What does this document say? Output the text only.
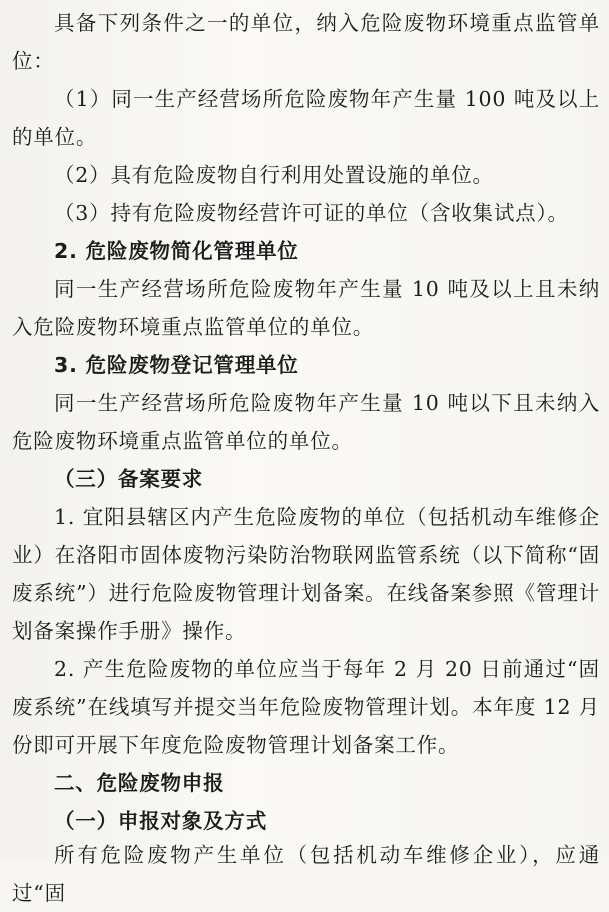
具备下列条件之一的单位，纳入危险废物环境重点监管单位：
（1）同一生产经营场所危险废物年产生量 100 吨及以上的单位。
（2）具有危险废物自行利用处置设施的单位。
（3）持有危险废物经营许可证的单位（含收集试点）。
2. 危险废物简化管理单位
同一生产经营场所危险废物年产生量 10 吨及以上且未纳入危险废物环境重点监管单位的单位。
3. 危险废物登记管理单位
同一生产经营场所危险废物年产生量 10 吨以下且未纳入危险废物环境重点监管单位的单位。
（三）备案要求
1. 宜阳县辖区内产生危险废物的单位（包括机动车维修企业）在洛阳市固体废物污染防治物联网监管系统（以下简称“固废系统”）进行危险废物管理计划备案。在线备案参照《管理计划备案操作手册》操作。
2. 产生危险废物的单位应当于每年 2 月 20 日前通过“固废系统”在线填写并提交当年危险废物管理计划。本年度 12 月份即可开展下年度危险废物管理计划备案工作。
二、危险废物申报
（一）申报对象及方式
所有危险废物产生单位（包括机动车维修企业），应通过“固
